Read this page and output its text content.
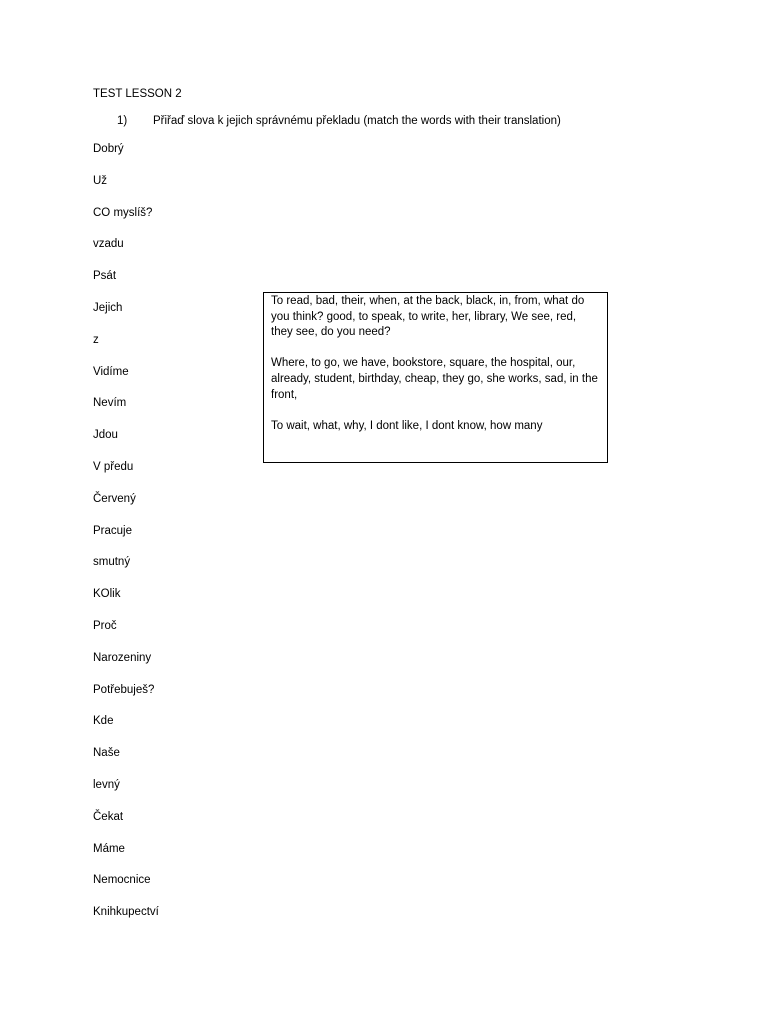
TEST LESSON 2
1)	Přiřaď slova k jejich správnému překladu (match the words with their translation)
Dobrý
Už
CO myslíš?
vzadu
Psát
Jejich
z
Vidíme
Nevím
Jdou
V předu
Červený
Pracuje
smutný
KOlik
Proč
Narozeniny
Potřebuješ?
Kde
Naše
levný
Čekat
Máme
Nemocnice
Knihkupectví

To read, bad, their, when, at the back, black, in, from, what do you think? good, to speak, to write, her, library, We see, red, they see, do you need?

Where, to go, we have, bookstore, square, the hospital, our, already, student, birthday, cheap, they go, she works, sad, in the front,

To wait, what, why, I dont like, I dont know, how many
